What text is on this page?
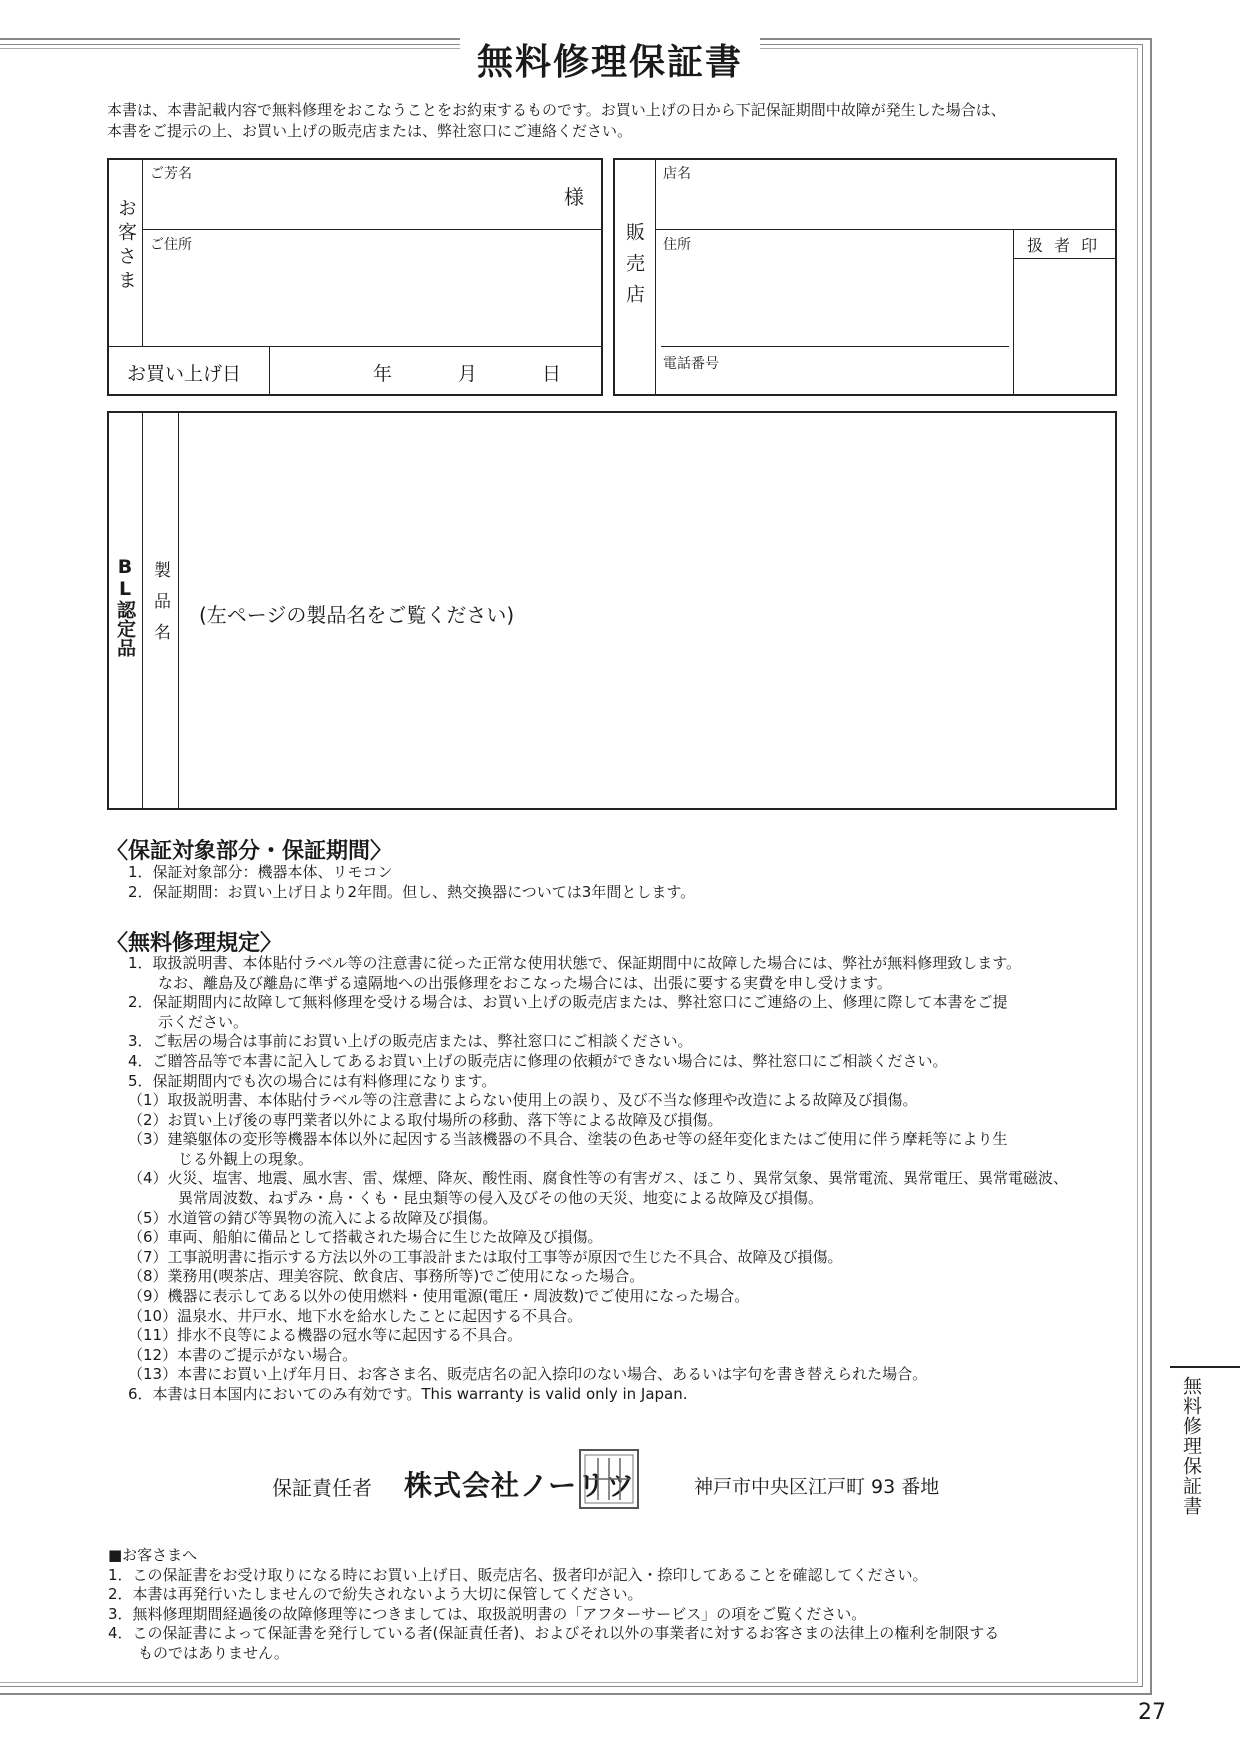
無料修理保証書
本書は、本書記載内容で無料修理をおこなうことをお約束するものです。お買い上げの日から下記保証期間中故障が発生した場合は、
本書をご提示の上、お買い上げの販売店または、弊社窓口にご連絡ください。
お客さま
ご芳名
様
ご住所
お買い上げ日	年	月	日
販売店
店名
住所	扱 者 印
電話番号
BL認定品 製品名 (左ページの製品名をご覧ください)
〈保証対象部分・保証期間〉
1．保証対象部分：機器本体、リモコン
2．保証期間：お買い上げ日より2年間。但し、熱交換器については3年間とします。
〈無料修理規定〉
1．取扱説明書、本体貼付ラベル等の注意書に従った正常な使用状態で、保証期間中に故障した場合には、弊社が無料修理致します。
　　なお、離島及び離島に準ずる遠隔地への出張修理をおこなった場合には、出張に要する実費を申し受けます。
2．保証期間内に故障して無料修理を受ける場合は、お買い上げの販売店または、弊社窓口にご連絡の上、修理に際して本書をご提
　　示ください。
3．ご転居の場合は事前にお買い上げの販売店または、弊社窓口にご相談ください。
4．ご贈答品等で本書に記入してあるお買い上げの販売店に修理の依頼ができない場合には、弊社窓口にご相談ください。
5．保証期間内でも次の場合には有料修理になります。
（1）取扱説明書、本体貼付ラベル等の注意書によらない使用上の誤り、及び不当な修理や改造による故障及び損傷。
（2）お買い上げ後の専門業者以外による取付場所の移動、落下等による故障及び損傷。
（3）建築躯体の変形等機器本体以外に起因する当該機器の不具合、塗装の色あせ等の経年変化またはご使用に伴う摩耗等により生
じる外観上の現象。
（4）火災、塩害、地震、風水害、雷、煤煙、降灰、酸性雨、腐食性等の有害ガス、ほこり、異常気象、異常電流、異常電圧、異常電磁波、
異常周波数、ねずみ・鳥・くも・昆虫類等の侵入及びその他の天災、地変による故障及び損傷。
（5）水道管の錆び等異物の流入による故障及び損傷。
（6）車両、船舶に備品として搭載された場合に生じた故障及び損傷。
（7）工事説明書に指示する方法以外の工事設計または取付工事等が原因で生じた不具合、故障及び損傷。
（8）業務用(喫茶店、理美容院、飲食店、事務所等)でご使用になった場合。
（9）機器に表示してある以外の使用燃料・使用電源(電圧・周波数)でご使用になった場合。
（10）温泉水、井戸水、地下水を給水したことに起因する不具合。
（11）排水不良等による機器の冠水等に起因する不具合。
（12）本書のご提示がない場合。
（13）本書にお買い上げ年月日、お客さま名、販売店名の記入捺印のない場合、あるいは字句を書き替えられた場合。
6．本書は日本国内においてのみ有効です。This warranty is valid only in Japan.
保証責任者 株式会社ノーリツ	神戸市中央区江戸町 93 番地
■お客さまへ
1．この保証書をお受け取りになる時にお買い上げ日、販売店名、扱者印が記入・捺印してあることを確認してください。
2．本書は再発行いたしませんので紛失されないよう大切に保管してください。
3．無料修理期間経過後の故障修理等につきましては、取扱説明書の「アフターサービス」の項をご覧ください。
4．この保証書によって保証書を発行している者(保証責任者)、およびそれ以外の事業者に対するお客さまの法律上の権利を制限する
　　ものではありません。
無料修理保証書
27
